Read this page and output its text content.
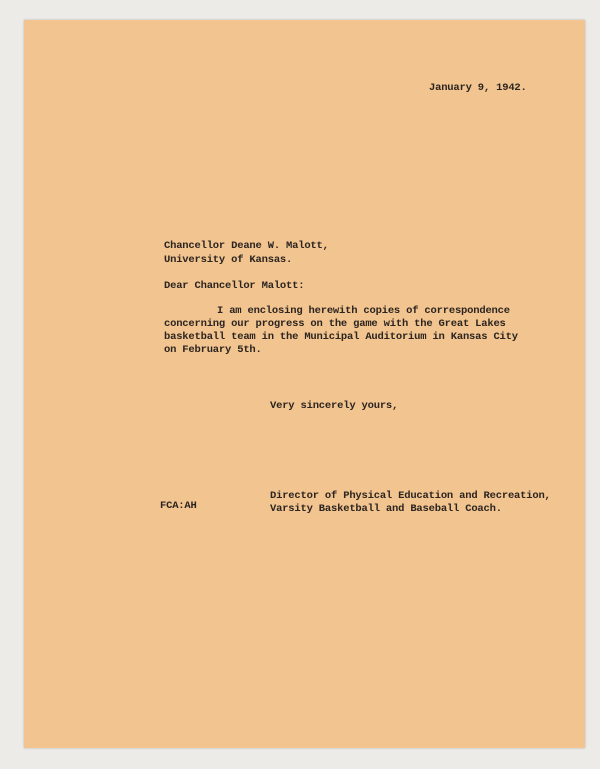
January 9, 1942.
Chancellor Deane W. Malott,
University of Kansas.
Dear Chancellor Malott:
I am enclosing herewith copies of correspondence
concerning our progress on the game with the Great Lakes
basketball team in the Municipal Auditorium in Kansas City
on February 5th.
Very sincerely yours,
FCA:AH
Director of Physical Education and Recreation,
Varsity Basketball and Baseball Coach.
